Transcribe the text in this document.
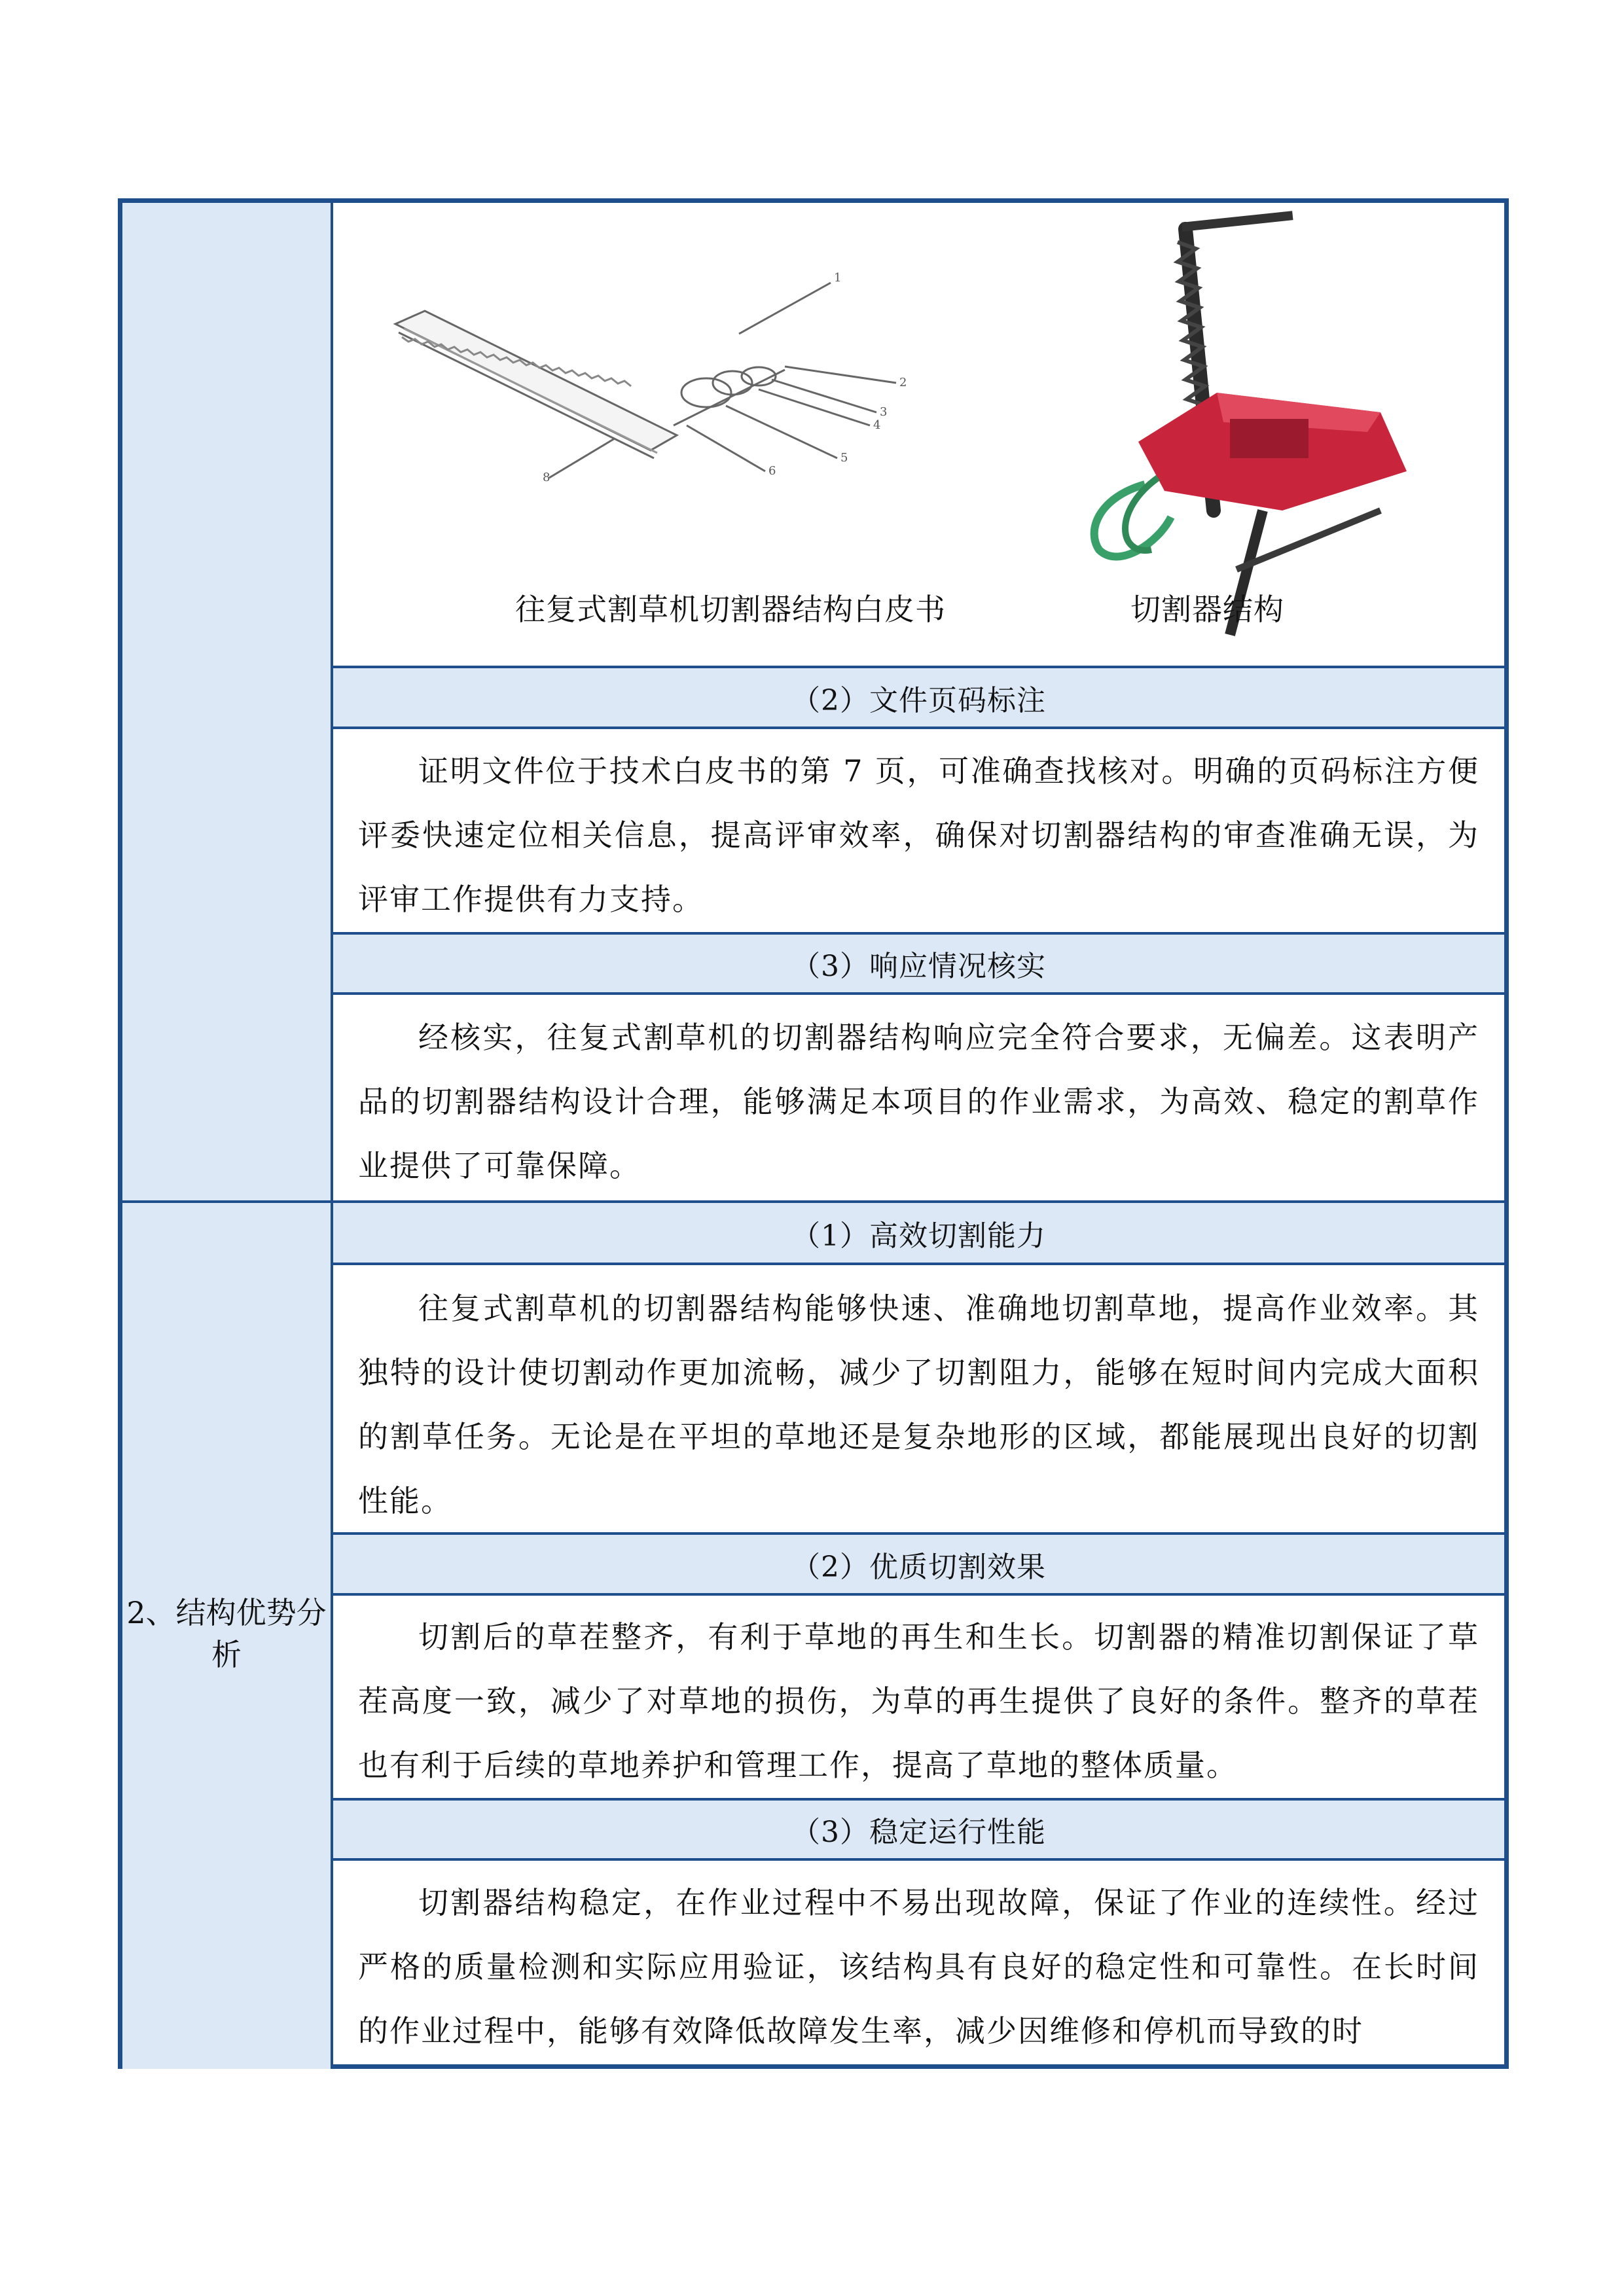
1
2
3
4
5
6
8
往复式割草机切割器结构白皮书	切割器结构
（2）文件页码标注
证明文件位于技术白皮书的第 7 页，可准确查找核对。明确的页码标注方便评委快速定位相关信息，提高评审效率，确保对切割器结构的审查准确无误，为评审工作提供有力支持。
（3）响应情况核实
经核实，往复式割草机的切割器结构响应完全符合要求，无偏差。这表明产品的切割器结构设计合理，能够满足本项目的作业需求，为高效、稳定的割草作业提供了可靠保障。
2、结构优势分析
（1）高效切割能力
往复式割草机的切割器结构能够快速、准确地切割草地，提高作业效率。其独特的设计使切割动作更加流畅，减少了切割阻力，能够在短时间内完成大面积的割草任务。无论是在平坦的草地还是复杂地形的区域，都能展现出良好的切割性能。
（2）优质切割效果
切割后的草茬整齐，有利于草地的再生和生长。切割器的精准切割保证了草茬高度一致，减少了对草地的损伤，为草的再生提供了良好的条件。整齐的草茬也有利于后续的草地养护和管理工作，提高了草地的整体质量。
（3）稳定运行性能
切割器结构稳定，在作业过程中不易出现故障，保证了作业的连续性。经过严格的质量检测和实际应用验证，该结构具有良好的稳定性和可靠性。在长时间的作业过程中，能够有效降低故障发生率，减少因维修和停机而导致的时
